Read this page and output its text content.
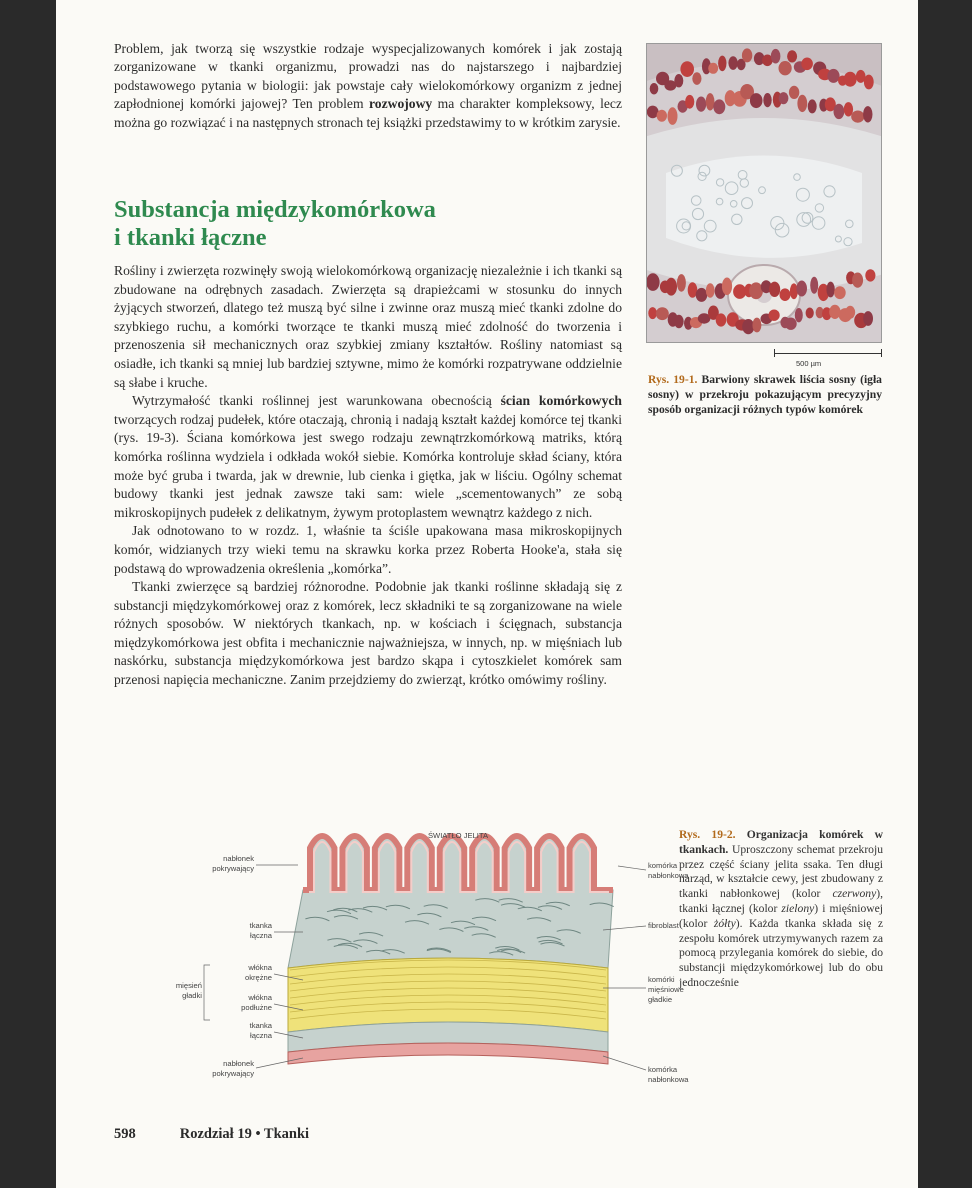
Problem, jak tworzą się wszystkie rodzaje wyspecjalizowanych komórek i jak zostają zorganizowane w tkanki organizmu, prowadzi nas do najstarszego i najbardziej podstawowego pytania w biologii: jak powstaje cały wielokomórkowy organizm z jednej zapłodnionej komórki jajowej? Ten problem rozwojowy ma charakter kompleksowy, lecz można go rozwiązać i na następnych stronach tej książki przedstawimy to w krótkim zarysie.

Substancja międzykomórkowa
i tkanki łączne

Rośliny i zwierzęta rozwinęły swoją wielokomórkową organizację niezależnie i ich tkanki są zbudowane na odrębnych zasadach. Zwierzęta są drapieżcami w stosunku do innych żyjących stworzeń, dlatego też muszą być silne i zwinne oraz muszą mieć tkanki zdolne do szybkiego ruchu, a komórki tworzące te tkanki muszą mieć zdolność do tworzenia i przenoszenia sił mechanicznych oraz szybkiej zmiany kształtów. Rośliny natomiast są osiadłe, ich tkanki są mniej lub bardziej sztywne, mimo że komórki rozpatrywane oddzielnie są słabe i kruche.

Wytrzymałość tkanki roślinnej jest warunkowana obecnością ścian komórkowych tworzących rodzaj pudełek, które otaczają, chronią i nadają kształt każdej komórce tej tkanki (rys. 19-3). Ściana komórkowa jest swego rodzaju zewnątrzkomórkową matriks, którą komórka roślinna wydziela i odkłada wokół siebie. Komórka kontroluje skład ściany, która może być gruba i twarda, jak w drewnie, lub cienka i giętka, jak w liściu. Ogólny schemat budowy tkanki jest jednak zawsze taki sam: wiele „scementowanych” ze sobą mikroskopijnych pudełek z delikatnym, żywym protoplastem wewnątrz każdego z nich.

Jak odnotowano to w rozdz. 1, właśnie ta ściśle upakowana masa mikroskopijnych komór, widzianych trzy wieki temu na skrawku korka przez Roberta Hooke'a, stała się podstawą do wprowadzenia określenia „komórka”.

Tkanki zwierzęce są bardziej różnorodne. Podobnie jak tkanki roślinne składają się z substancji międzykomórkowej oraz z komórek, lecz składniki te są zorganizowane na wiele różnych sposobów. W niektórych tkankach, np. w kościach i ścięgnach, substancja międzykomórkowa jest obfita i mechanicznie najważniejsza, w innych, np. w mięśniach lub naskórku, substancja międzykomórkowa jest bardzo skąpa i cytoszkielet komórek sam przenosi napięcia mechaniczne. Zanim przejdziemy do zwierząt, krótko omówimy rośliny.

500 µm
Rys. 19-1. Barwiony skrawek liścia sosny (igła sosny) w przekroju pokazującym precyzyjny sposób organizacji różnych typów komórek
ŚWIATŁO JELITA
nabłonek
pokrywający
tkanka
łączna
włókna
okrężne
mięsień
gładki	włókna
podłużne
tkanka
łączna
nabłonek
pokrywający
komórka
nabłonkowa
fibroblast
komórki
mięśniowe
gładkie
komórka
nabłonkowa
Rys. 19-2. Organizacja komórek w tkankach. Uproszczony schemat przekroju przez część ściany jelita ssaka. Ten długi narząd, w kształcie cewy, jest zbudowany z tkanki nabłonkowej (kolor czerwony), tkanki łącznej (kolor zielony) i mięśniowej (kolor żółty). Każda tkanka składa się z zespołu komórek utrzymywanych razem za pomocą przylegania komórek do siebie, do substancji międzykomórkowej lub do obu jednocześnie
598	Rozdział 19 • Tkanki
